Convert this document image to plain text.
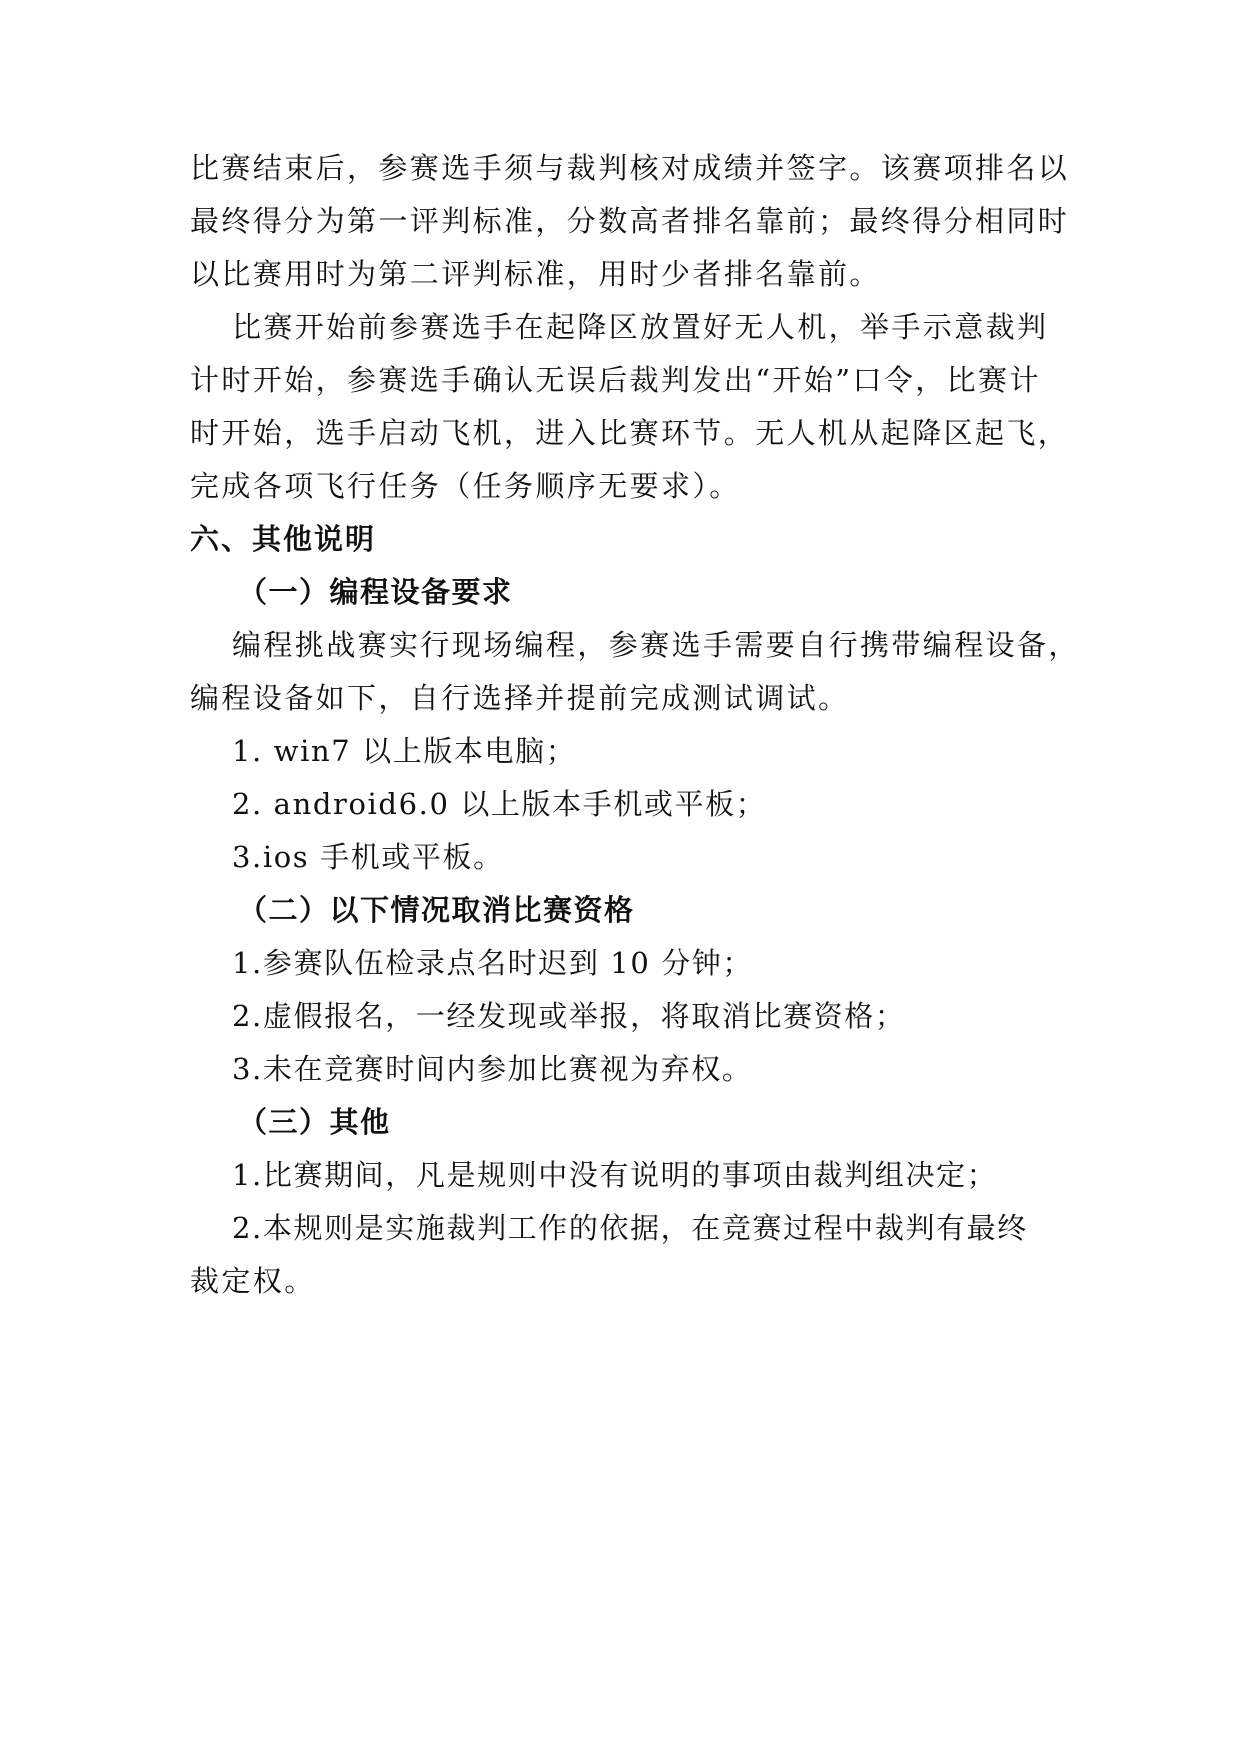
比赛结束后，参赛选手须与裁判核对成绩并签字。该赛项排名以
最终得分为第一评判标准，分数高者排名靠前；最终得分相同时
以比赛用时为第二评判标准，用时少者排名靠前。
比赛开始前参赛选手在起降区放置好无人机，举手示意裁判
计时开始，参赛选手确认无误后裁判发出“开始”口令，比赛计
时开始，选手启动飞机，进入比赛环节。无人机从起降区起飞，
完成各项飞行任务（任务顺序无要求）。
六、其他说明
（一）编程设备要求
编程挑战赛实行现场编程，参赛选手需要自行携带编程设备，
编程设备如下，自行选择并提前完成测试调试。
1. win7 以上版本电脑；
2. android6.0 以上版本手机或平板；
3.ios 手机或平板。
（二）以下情况取消比赛资格
1.参赛队伍检录点名时迟到 10 分钟；
2.虚假报名，一经发现或举报，将取消比赛资格；
3.未在竞赛时间内参加比赛视为弃权。
（三）其他
1.比赛期间，凡是规则中没有说明的事项由裁判组决定；
2.本规则是实施裁判工作的依据，在竞赛过程中裁判有最终
裁定权。
